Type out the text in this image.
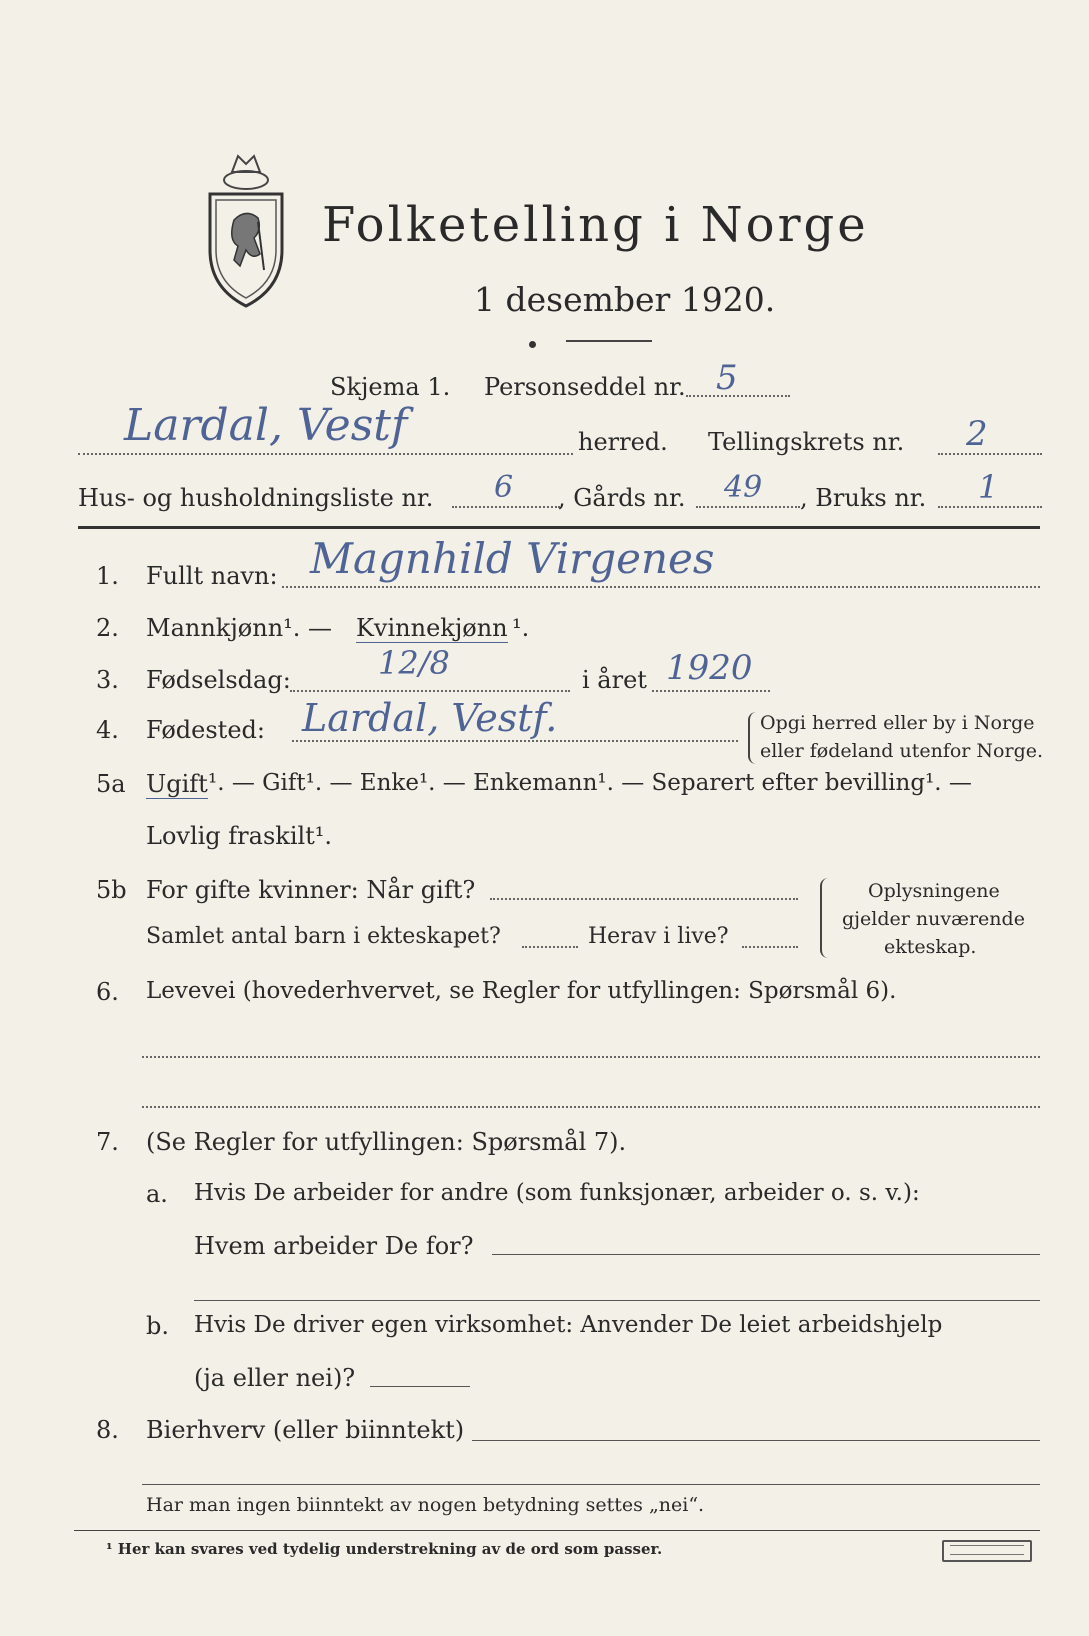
Folketelling i Norge
1 desember 1920.
Skjema 1. Personseddel nr. 5
Lardal, Vestf	herred. Tellingskrets nr. 2
Hus- og husholdningsliste nr. 6 , Gårds nr. 49 , Bruks nr. 1
1. Fullt navn: Magnhild Virgenes
2. Mannkjønn¹. — Kvinnekjønn ¹.
3. Fødselsdag:	12/8	i året 1920
4. Fødested: Lardal, Vestf.	Opgi herred eller by i Norge
eller fødeland utenfor Norge.
5a Ugift ¹. — Gift¹. — Enke¹. — Enkemann¹. — Separert efter bevilling¹. —
Lovlig fraskilt¹.
5b For gifte kvinner: Når gift?
Samlet antal barn i ekteskapet?	Herav i live?
Oplysningene
gjelder nuværende
ekteskap.
6. Levevei (hovederhvervet, se Regler for utfyllingen: Spørsmål 6).
7. (Se Regler for utfyllingen: Spørsmål 7).
a. Hvis De arbeider for andre (som funksjonær, arbeider o. s. v.):
Hvem arbeider De for?
b. Hvis De driver egen virksomhet: Anvender De leiet arbeidshjelp
(ja eller nei)?
8. Bierhverv (eller biinntekt)
Har man ingen biinntekt av nogen betydning settes „nei“.
¹ Her kan svares ved tydelig understrekning av de ord som passer.
